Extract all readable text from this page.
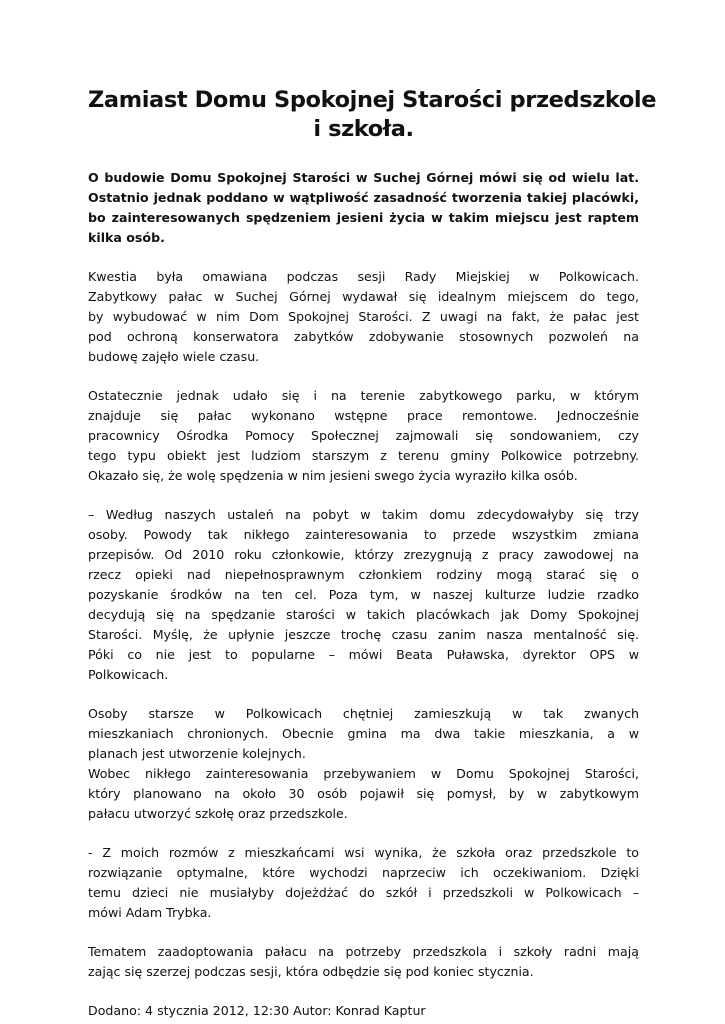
Zamiast Domu Spokojnej Starości przedszkole
i szkoła.
O budowie Domu Spokojnej Starości w Suchej Górnej mówi się od wielu lat.
Ostatnio jednak poddano w wątpliwość zasadność tworzenia takiej placówki,
bo zainteresowanych spędzeniem jesieni życia w takim miejscu jest raptem
kilka osób.
Kwestia była omawiana podczas sesji Rady Miejskiej w Polkowicach.
Zabytkowy pałac w Suchej Górnej wydawał się idealnym miejscem do tego,
by wybudować w nim Dom Spokojnej Starości. Z uwagi na fakt, że pałac jest
pod ochroną konserwatora zabytków zdobywanie stosownych pozwoleń na
budowę zajęło wiele czasu.
Ostatecznie jednak udało się i na terenie zabytkowego parku, w którym
znajduje się pałac wykonano wstępne prace remontowe. Jednocześnie
pracownicy Ośrodka Pomocy Społecznej zajmowali się sondowaniem, czy
tego typu obiekt jest ludziom starszym z terenu gminy Polkowice potrzebny.
Okazało się, że wolę spędzenia w nim jesieni swego życia wyraziło kilka osób.
– Według naszych ustaleń na pobyt w takim domu zdecydowałyby się trzy
osoby. Powody tak nikłego zainteresowania to przede wszystkim zmiana
przepisów. Od 2010 roku członkowie, którzy zrezygnują z pracy zawodowej na
rzecz opieki nad niepełnosprawnym członkiem rodziny mogą starać się o
pozyskanie środków na ten cel. Poza tym, w naszej kulturze ludzie rzadko
decydują się na spędzanie starości w takich placówkach jak Domy Spokojnej
Starości. Myślę, że upłynie jeszcze trochę czasu zanim nasza mentalność się.
Póki co nie jest to popularne – mówi Beata Puławska, dyrektor OPS w
Polkowicach.
Osoby starsze w Polkowicach chętniej zamieszkują w tak zwanych
mieszkaniach chronionych. Obecnie gmina ma dwa takie mieszkania, a w
planach jest utworzenie kolejnych.
Wobec nikłego zainteresowania przebywaniem w Domu Spokojnej Starości,
który planowano na około 30 osób pojawił się pomysł, by w zabytkowym
pałacu utworzyć szkołę oraz przedszkole.
- Z moich rozmów z mieszkańcami wsi wynika, że szkoła oraz przedszkole to
rozwiązanie optymalne, które wychodzi naprzeciw ich oczekiwaniom. Dzięki
temu dzieci nie musiałyby dojeżdżać do szkół i przedszkoli w Polkowicach –
mówi Adam Trybka.
Tematem zaadoptowania pałacu na potrzeby przedszkola i szkoły radni mają
zając się szerzej podczas sesji, która odbędzie się pod koniec stycznia.
Dodano: 4 stycznia 2012, 12:30 Autor: Konrad Kaptur
